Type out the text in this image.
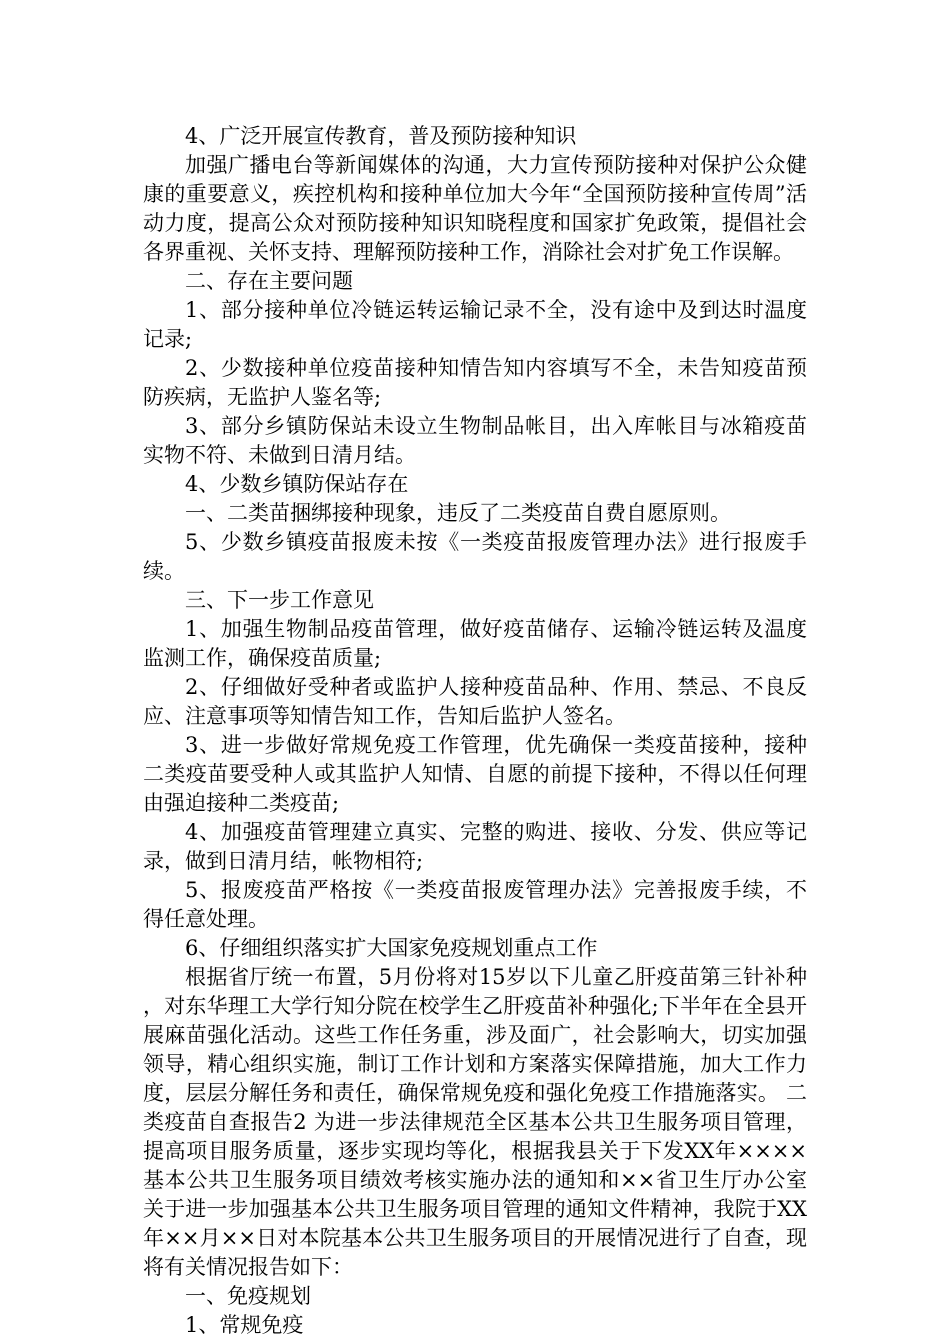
4、广泛开展宣传教育，普及预防接种知识

加强广播电台等新闻媒体的沟通，大力宣传预防接种对保护公众健康的重要意义，疾控机构和接种单位加大今年“全国预防接种宣传周”活动力度，提高公众对预防接种知识知晓程度和国家扩免政策，提倡社会各界重视、关怀支持、理解预防接种工作，消除社会对扩免工作误解。

二、存在主要问题

1、部分接种单位冷链运转运输记录不全，没有途中及到达时温度记录;

2、少数接种单位疫苗接种知情告知内容填写不全，未告知疫苗预防疾病，无监护人鉴名等;

3、部分乡镇防保站未设立生物制品帐目，出入库帐目与冰箱疫苗实物不符、未做到日清月结。

4、少数乡镇防保站存在

一、二类苗捆绑接种现象，违反了二类疫苗自费自愿原则。

5、少数乡镇疫苗报废未按《一类疫苗报废管理办法》进行报废手续。

三、下一步工作意见

1、加强生物制品疫苗管理，做好疫苗储存、运输冷链运转及温度监测工作，确保疫苗质量;

2、仔细做好受种者或监护人接种疫苗品种、作用、禁忌、不良反应、注意事项等知情告知工作，告知后监护人签名。

3、进一步做好常规免疫工作管理，优先确保一类疫苗接种，接种二类疫苗要受种人或其监护人知情、自愿的前提下接种，不得以任何理由强迫接种二类疫苗;

4、加强疫苗管理建立真实、完整的购进、接收、分发、供应等记录，做到日清月结，帐物相符;

5、报废疫苗严格按《一类疫苗报废管理办法》完善报废手续，不得任意处理。

6、仔细组织落实扩大国家免疫规划重点工作

根据省厅统一布置，5月份将对15岁以下儿童乙肝疫苗第三针补种，对东华理工大学行知分院在校学生乙肝疫苗补种强化;下半年在全县开展麻苗强化活动。这些工作任务重，涉及面广，社会影响大，切实加强领导，精心组织实施，制订工作计划和方案落实保障措施，加大工作力度，层层分解任务和责任，确保常规免疫和强化免疫工作措施落实。 二类疫苗自查报告2 为进一步法律规范全区基本公共卫生服务项目管理，提高项目服务质量，逐步实现均等化，根据我县关于下发XX年××××基本公共卫生服务项目绩效考核实施办法的通知和××省卫生厅办公室关于进一步加强基本公共卫生服务项目管理的通知文件精神，我院于XX年××月××日对本院基本公共卫生服务项目的开展情况进行了自查，现将有关情况报告如下：

一、免疫规划

1、常规免疫
